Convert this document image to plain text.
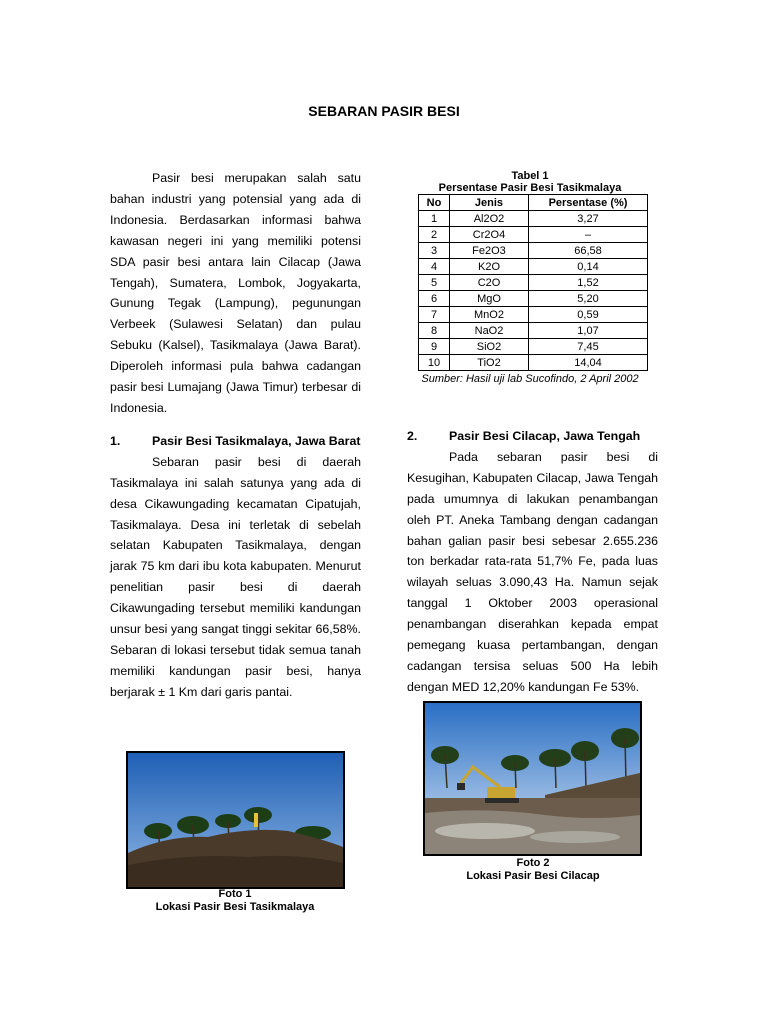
SEBARAN PASIR BESI

Pasir besi merupakan salah satu bahan industri yang potensial yang ada di Indonesia. Berdasarkan informasi bahwa kawasan negeri ini yang memiliki potensi SDA pasir besi antara lain Cilacap (Jawa Tengah), Sumatera, Lombok, Jogyakarta, Gunung Tegak (Lampung), pegunungan Verbeek (Sulawesi Selatan) dan pulau Sebuku (Kalsel), Tasikmalaya (Jawa Barat). Diperoleh informasi pula bahwa cadangan pasir besi Lumajang (Jawa Timur) terbesar di Indonesia.

1.	Pasir Besi Tasikmalaya, Jawa Barat

Sebaran pasir besi di daerah Tasikmalaya ini salah satunya yang ada di desa Cikawungading kecamatan Cipatujah, Tasikmalaya. Desa ini terletak di sebelah selatan Kabupaten Tasikmalaya, dengan jarak 75 km dari ibu kota kabupaten. Menurut penelitian pasir besi di daerah Cikawungading tersebut memiliki kandungan unsur besi yang sangat tinggi sekitar 66,58%. Sebaran di lokasi tersebut tidak semua tanah memiliki kandungan pasir besi, hanya berjarak ± 1 Km dari garis pantai.

Tabel 1
Persentase Pasir Besi Tasikmalaya
No	Jenis	Persentase (%)
1	Al2O2	3,27
2	Cr2O4	–
3	Fe2O3	66,58
4	K2O	0,14
5	C2O	1,52
6	MgO	5,20
7	MnO2	0,59
8	NaO2	1,07
9	SiO2	7,45
10	TiO2	14,04
Sumber: Hasil uji lab Sucofindo, 2 April 2002
2.	Pasir Besi Cilacap, Jawa Tengah

Pada sebaran pasir besi di Kesugihan, Kabupaten Cilacap, Jawa Tengah pada umumnya di lakukan penambangan oleh PT. Aneka Tambang dengan cadangan bahan galian pasir besi sebesar 2.655.236 ton berkadar rata-rata 51,7% Fe, pada luas wilayah seluas 3.090,43 Ha. Namun sejak tanggal 1 Oktober 2003 operasional penambangan diserahkan kepada empat pemegang kuasa pertambangan, dengan cadangan tersisa seluas 500 Ha lebih dengan MED 12,20% kandungan Fe 53%.

Foto 1
Lokasi Pasir Besi Tasikmalaya
Foto 2
Lokasi Pasir Besi Cilacap
